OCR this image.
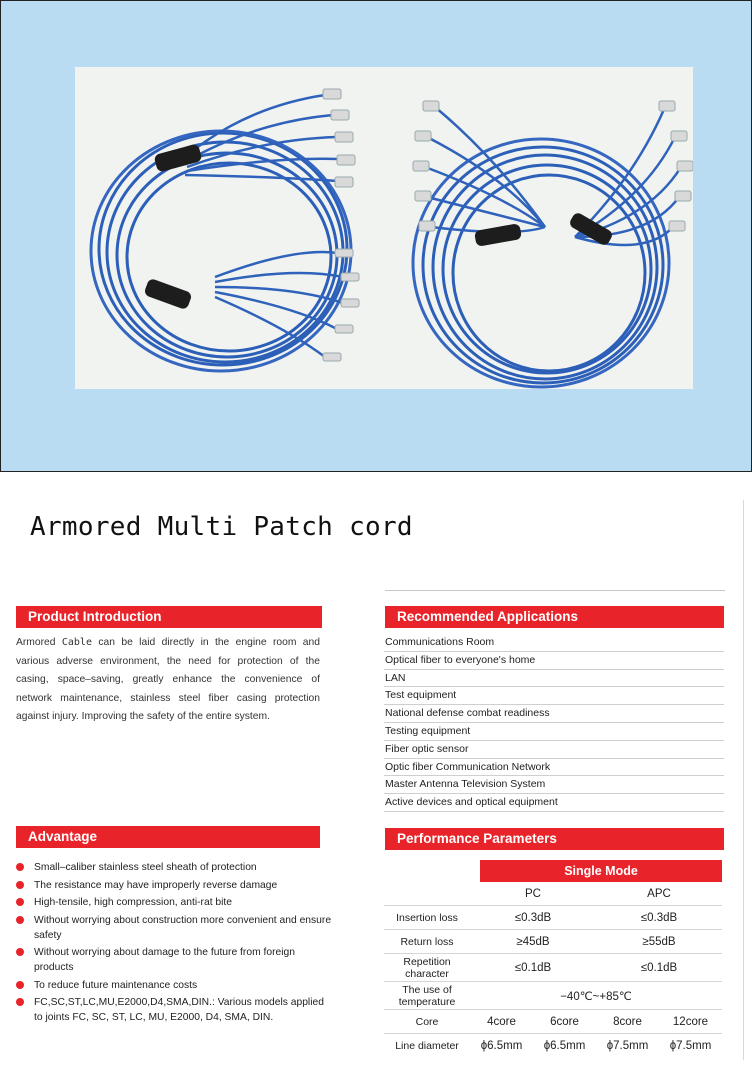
Armored Multi Patch cord
Product Introduction

Armored Cable can be laid directly in the engine room and various adverse environment, the need for protection of the casing, space–saving, greatly enhance the convenience of network maintenance, stainless steel fiber casing protection against injury. Improving the safety of the entire system.

Recommended Applications
Communications Room
Optical fiber to everyone's home
LAN
Test equipment
National defense combat readiness
Testing equipment
Fiber optic sensor
Optic fiber Communication Network
Master Antenna Television System
Active devices and optical equipment
Advantage
Small–caliber stainless steel sheath of protection
The resistance may have improperly reverse damage
High-tensile, high compression, anti-rat bite
Without worrying about construction more convenient and ensure safety
Without worrying about damage to the future from foreign products
To reduce future maintenance costs
FC,SC,ST,LC,MU,E2000,D4,SMA,DIN.: Various models applied to joints FC, SC, ST, LC, MU, E2000, D4, SMA, DIN.
Performance Parameters
Single Mode
PC	APC
Insertion loss	≤0.3dB	≤0.3dB
Return loss	≥45dB	≥55dB
Repetition character	≤0.1dB	≤0.1dB
The use of temperature	−40℃~+85℃
Core	4core	6core	8core	12core
Line diameter	ϕ6.5mm	ϕ6.5mm	ϕ7.5mm	ϕ7.5mm
